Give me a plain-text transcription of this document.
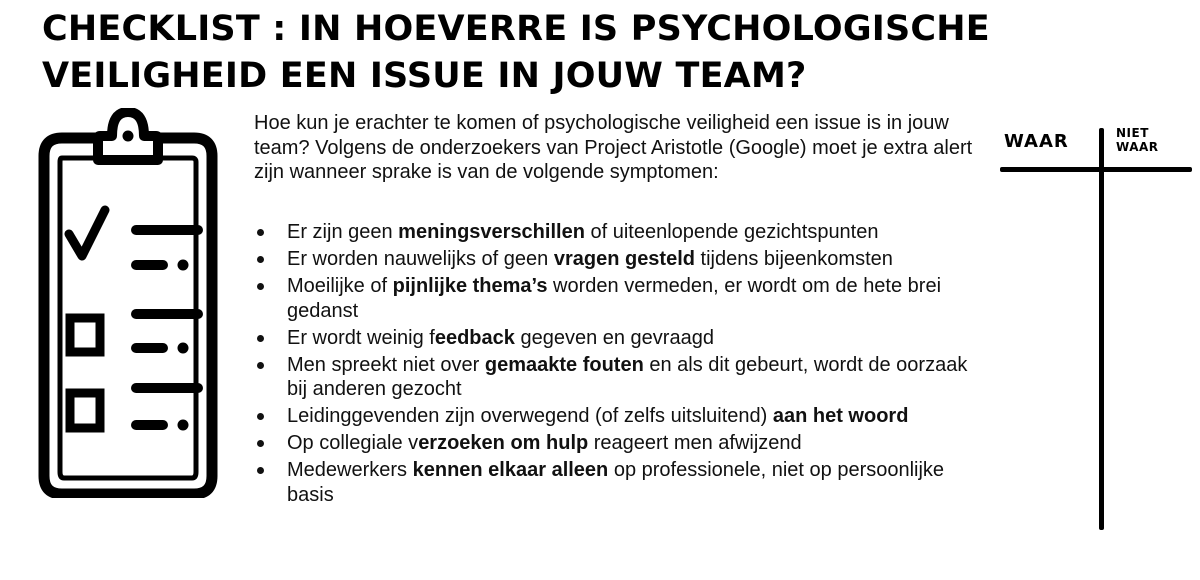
CHECKLIST : IN HOEVERRE IS PSYCHOLOGISCHE
VEILIGHEID EEN ISSUE IN JOUW TEAM?
Hoe kun je erachter te komen of psychologische veiligheid een issue is in jouw team? Volgens de onderzoekers van Project Aristotle (Google) moet je extra alert zijn wanneer sprake is van de volgende symptomen:
Er zijn geen meningsverschillen of uiteenlopende gezichtspunten
Er worden nauwelijks of geen vragen gesteld tijdens bijeenkomsten
Moeilijke of pijnlijke thema’s worden vermeden, er wordt om de hete brei gedanst
Er wordt weinig feedback gegeven en gevraagd
Men spreekt niet over gemaakte fouten en als dit gebeurt, wordt de oorzaak bij anderen gezocht
Leidinggevenden zijn overwegend (of zelfs uitsluitend) aan het woord
Op collegiale verzoeken om hulp reageert men afwijzend
Medewerkers kennen elkaar alleen op professionele, niet op persoonlijke basis
WAAR	NIET
WAAR
